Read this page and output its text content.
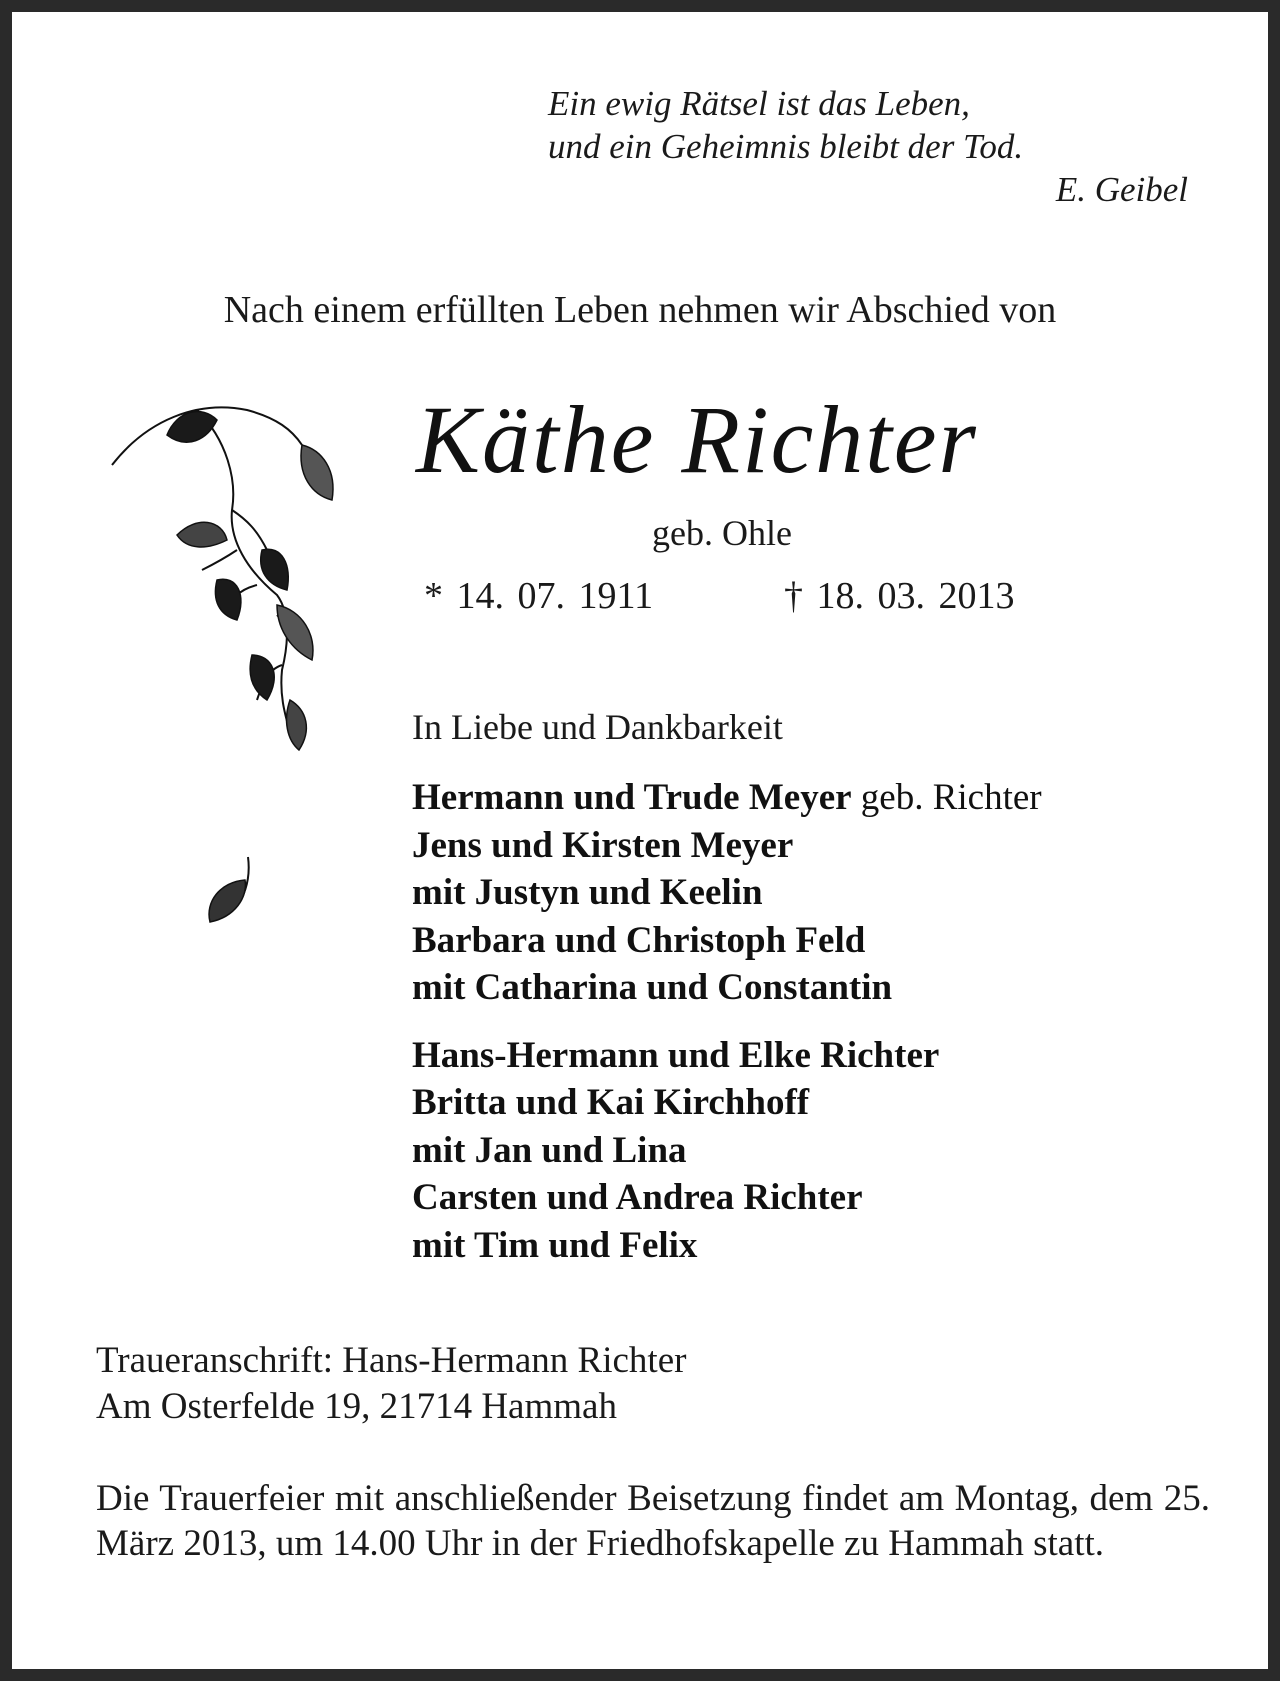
Ein ewig Rätsel ist das Leben,
und ein Geheimnis bleibt der Tod.
E. Geibel
Nach einem erfüllten Leben nehmen wir Abschied von
Käthe Richter
geb. Ohle
* 14. 07. 1911	† 18. 03. 2013
In Liebe und Dankbarkeit
Hermann und Trude Meyer geb. Richter
Jens und Kirsten Meyer
mit Justyn und Keelin
Barbara und Christoph Feld
mit Catharina und Constantin
Hans-Hermann und Elke Richter
Britta und Kai Kirchhoff
mit Jan und Lina
Carsten und Andrea Richter
mit Tim und Felix
Traueranschrift: Hans-Hermann Richter
Am Osterfelde 19, 21714 Hammah
Die Trauerfeier mit anschließender Beisetzung findet am Montag, dem 25. März 2013, um 14.00 Uhr in der Friedhofskapelle zu Hammah statt.
